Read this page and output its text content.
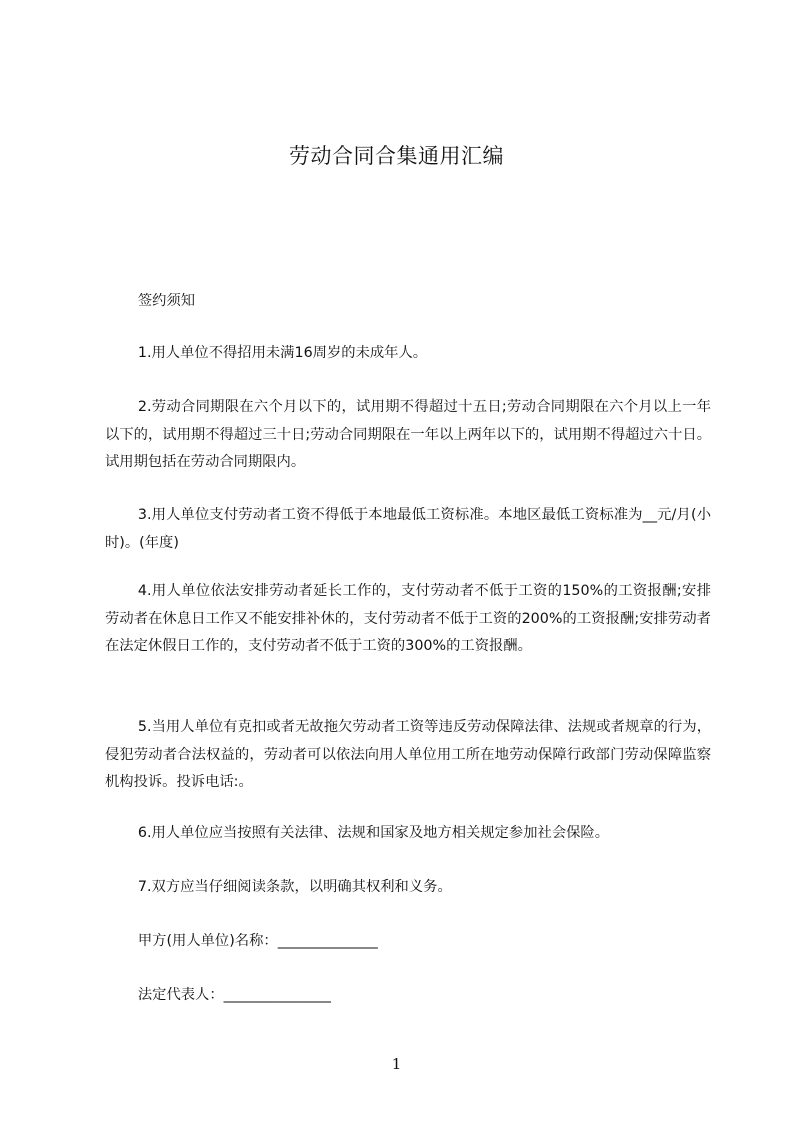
劳动合同合集通用汇编
签约须知
1.用人单位不得招用未满16周岁的未成年人。
2.劳动合同期限在六个月以下的，试用期不得超过十五日;劳动合同期限在六个月以上一年以下的，试用期不得超过三十日;劳动合同期限在一年以上两年以下的，试用期不得超过六十日。试用期包括在劳动合同期限内。
3.用人单位支付劳动者工资不得低于本地最低工资标准。本地区最低工资标准为__元/月(小时)。(年度)
4.用人单位依法安排劳动者延长工作的，支付劳动者不低于工资的150%的工资报酬;安排劳动者在休息日工作又不能安排补休的，支付劳动者不低于工资的200%的工资报酬;安排劳动者在法定休假日工作的，支付劳动者不低于工资的300%的工资报酬。
5.当用人单位有克扣或者无故拖欠劳动者工资等违反劳动保障法律、法规或者规章的行为，侵犯劳动者合法权益的，劳动者可以依法向用人单位用工所在地劳动保障行政部门劳动保障监察机构投诉。投诉电话:。
6.用人单位应当按照有关法律、法规和国家及地方相关规定参加社会保险。
7.双方应当仔细阅读条款，以明确其权利和义务。
甲方(用人单位)名称：______________
法定代表人：_______________
1
